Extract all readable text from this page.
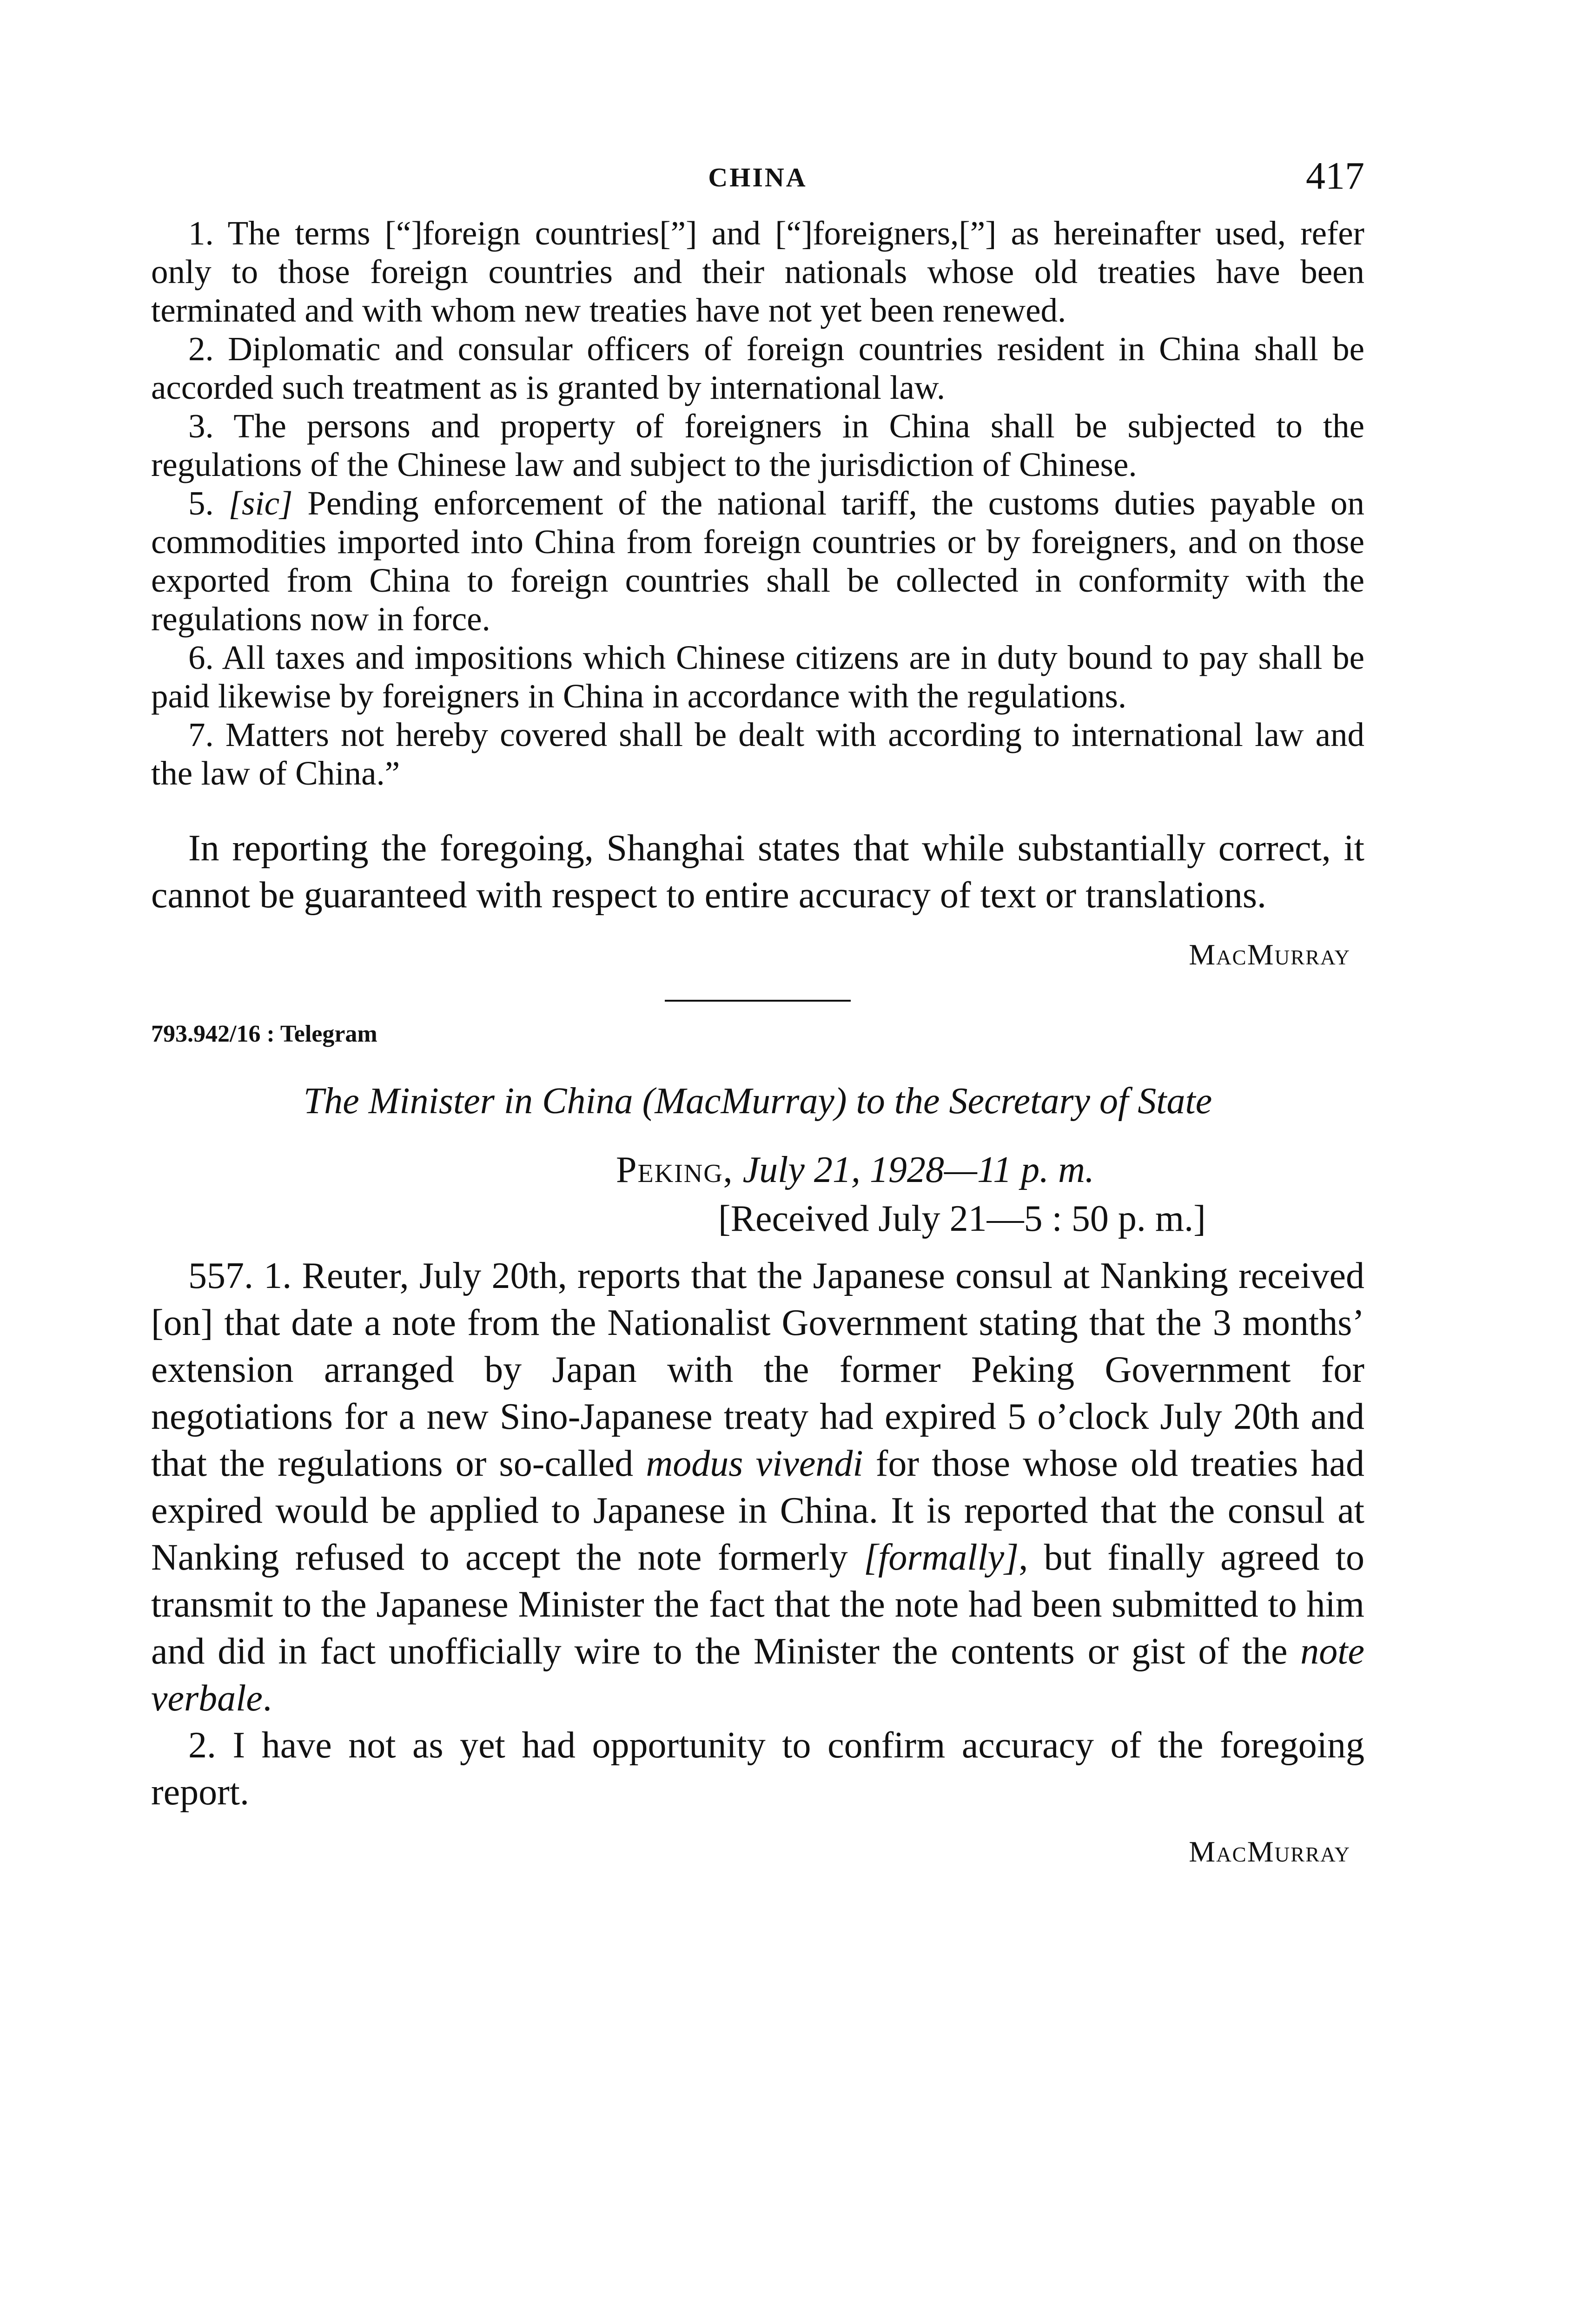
CHINA	417

1. The terms [“]foreign countries[”] and [“]foreigners,[”] as hereinafter used, refer only to those foreign countries and their nationals whose old treaties have been terminated and with whom new treaties have not yet been renewed.

2. Diplomatic and consular officers of foreign countries resident in China shall be accorded such treatment as is granted by international law.

3. The persons and property of foreigners in China shall be subjected to the regulations of the Chinese law and subject to the jurisdiction of Chinese.

5. [sic] Pending enforcement of the national tariff, the customs duties payable on commodities imported into China from foreign countries or by foreigners, and on those exported from China to foreign countries shall be collected in conformity with the regulations now in force.

6. All taxes and impositions which Chinese citizens are in duty bound to pay shall be paid likewise by foreigners in China in accordance with the regulations.

7. Matters not hereby covered shall be dealt with according to international law and the law of China.”

In reporting the foregoing, Shanghai states that while substantially correct, it cannot be guaranteed with respect to entire accuracy of text or translations.

MacMurray
793.942/16 : Telegram
The Minister in China (MacMurray) to the Secretary of State
Peking, July 21, 1928—11 p. m.
[Received July 21—5 : 50 p. m.]

557. 1. Reuter, July 20th, reports that the Japanese consul at Nanking received [on] that date a note from the Nationalist Government stating that the 3 months’ extension arranged by Japan with the former Peking Government for negotiations for a new Sino-Japanese treaty had expired 5 o’clock July 20th and that the regulations or so-called modus vivendi for those whose old treaties had expired would be applied to Japanese in China. It is reported that the consul at Nanking refused to accept the note formerly [formally], but finally agreed to transmit to the Japanese Minister the fact that the note had been submitted to him and did in fact unofficially wire to the Minister the contents or gist of the note verbale.

2. I have not as yet had opportunity to confirm accuracy of the foregoing report.

MacMurray
